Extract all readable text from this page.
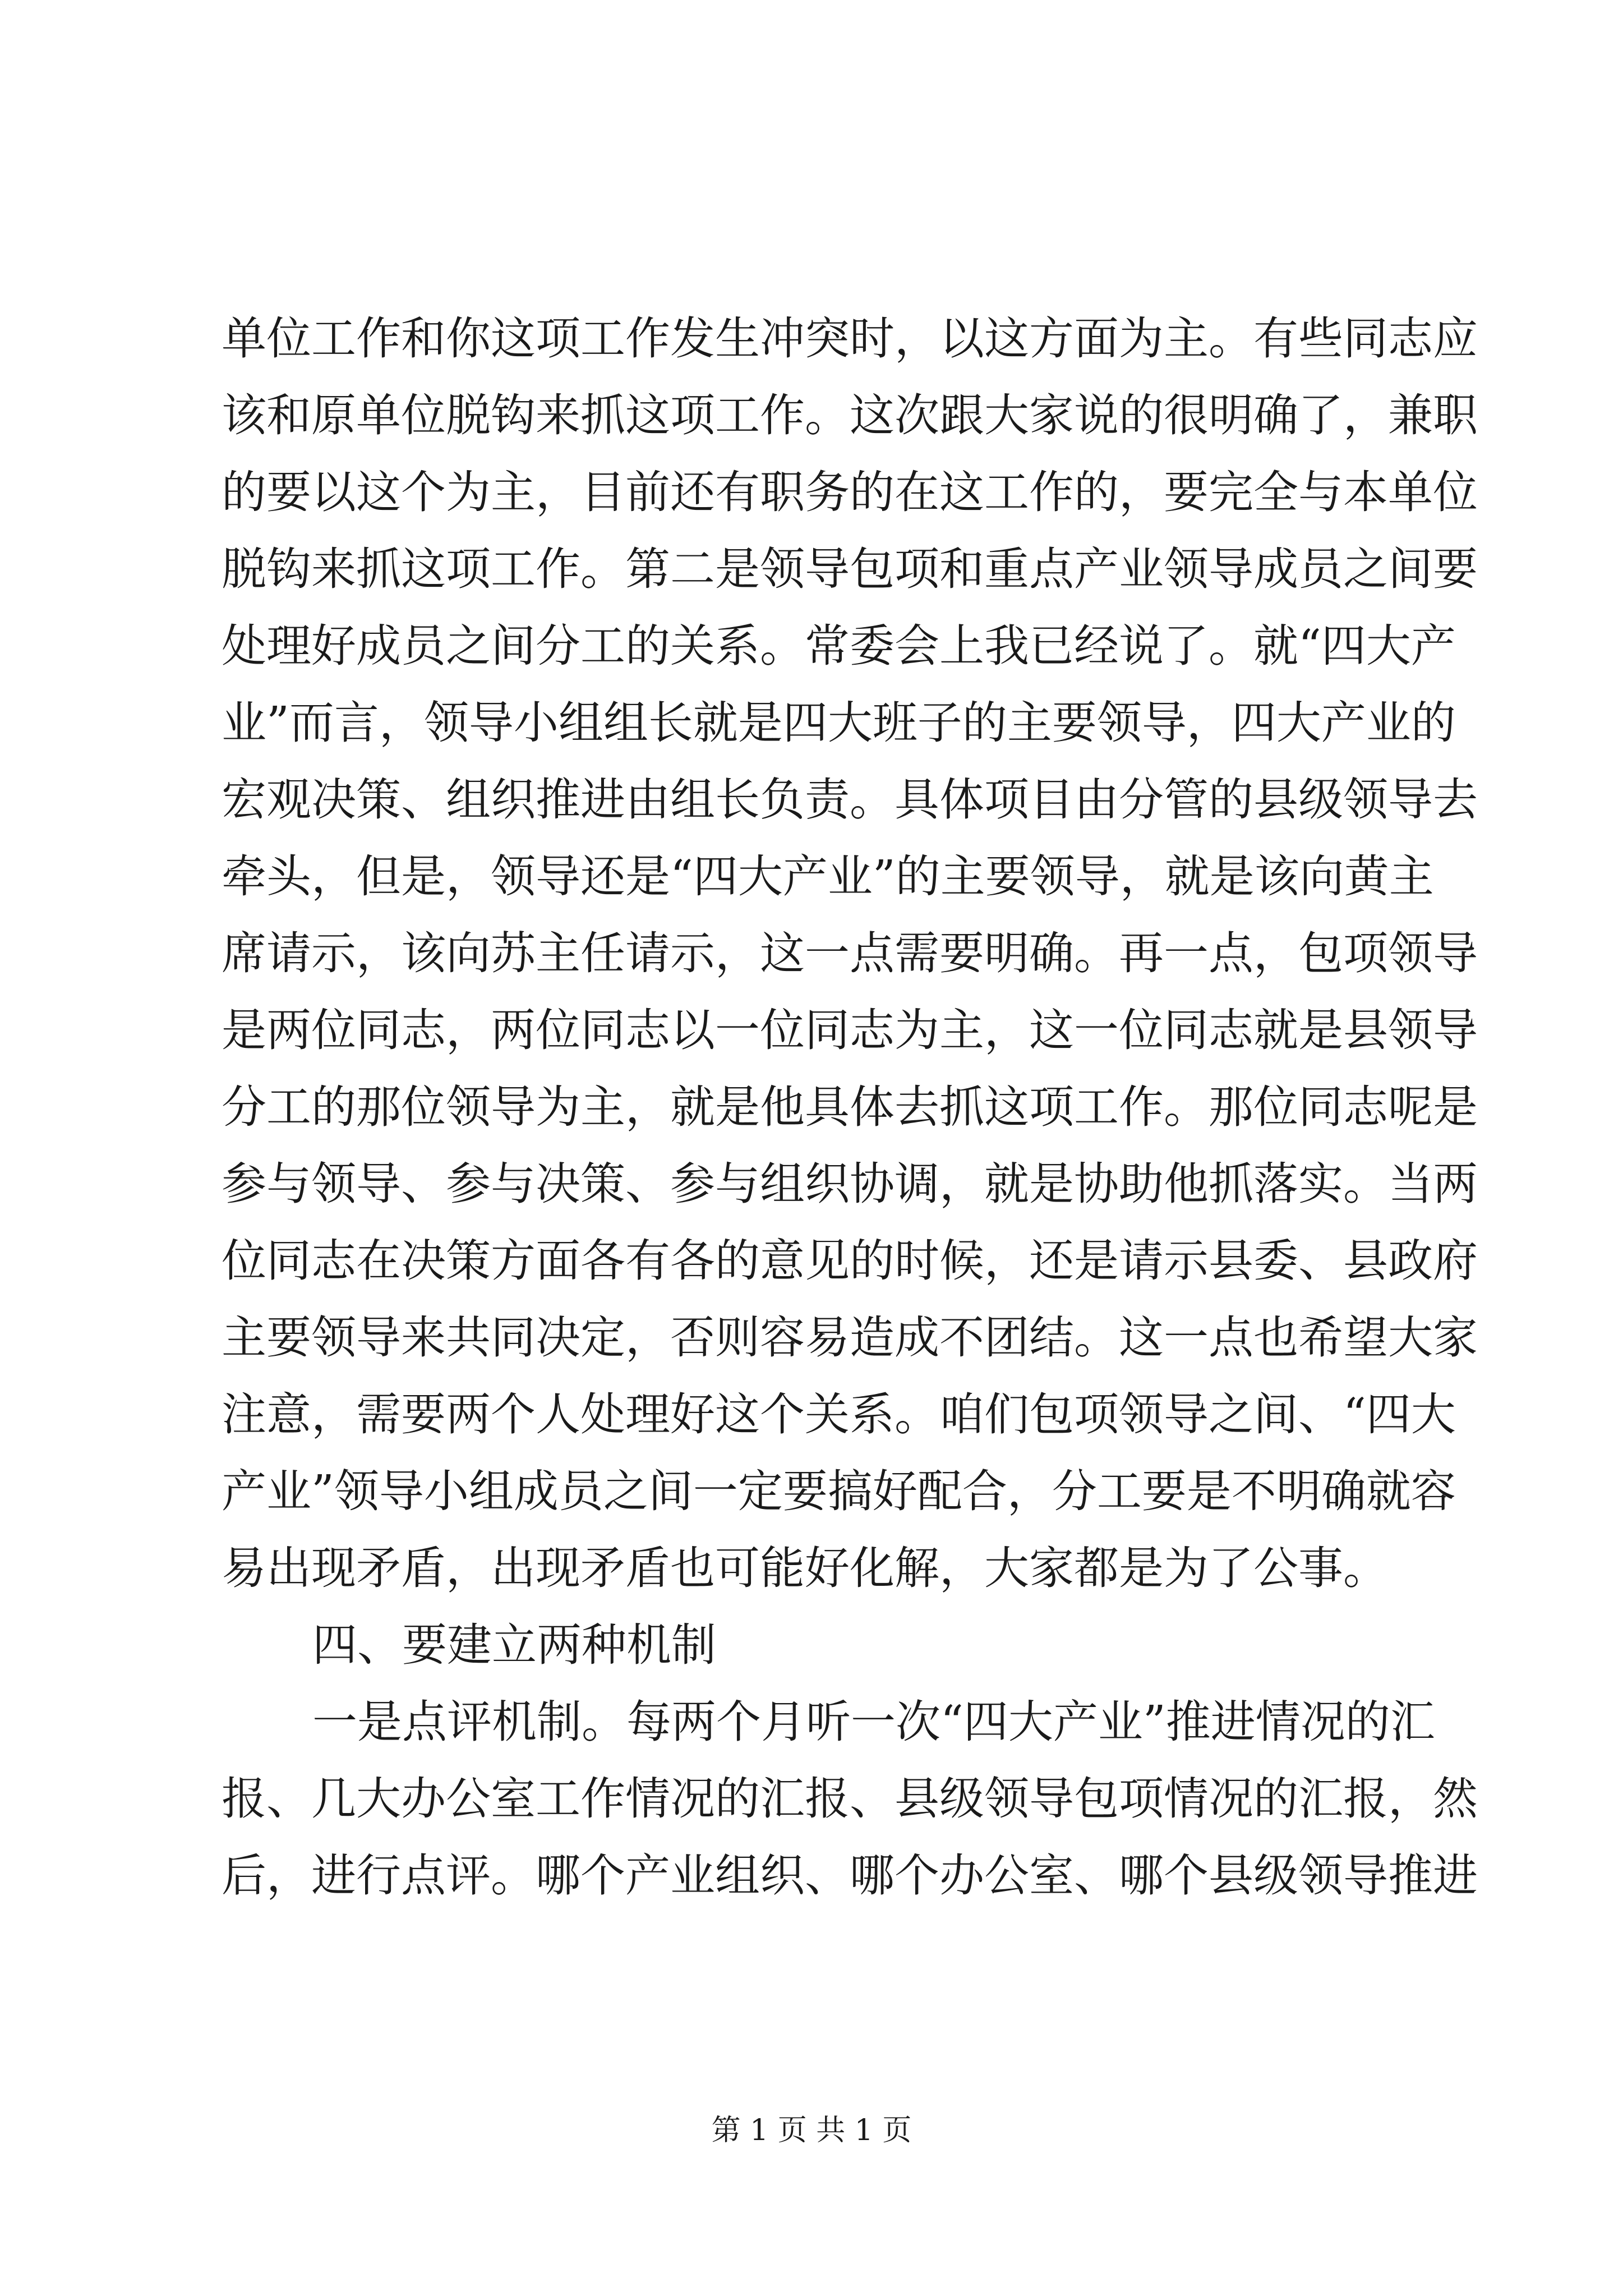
单位工作和你这项工作发生冲突时，以这方面为主。有些同志应
该和原单位脱钩来抓这项工作。这次跟大家说的很明确了，兼职
的要以这个为主，目前还有职务的在这工作的，要完全与本单位
脱钩来抓这项工作。第二是领导包项和重点产业领导成员之间要
处理好成员之间分工的关系。常委会上我已经说了。就“四大产
业”而言，领导小组组长就是四大班子的主要领导，四大产业的
宏观决策、组织推进由组长负责。具体项目由分管的县级领导去
牵头，但是，领导还是“四大产业”的主要领导，就是该向黄主
席请示，该向苏主任请示，这一点需要明确。再一点，包项领导
是两位同志，两位同志以一位同志为主，这一位同志就是县领导
分工的那位领导为主，就是他具体去抓这项工作。那位同志呢是
参与领导、参与决策、参与组织协调，就是协助他抓落实。当两
位同志在决策方面各有各的意见的时候，还是请示县委、县政府
主要领导来共同决定，否则容易造成不团结。这一点也希望大家
注意，需要两个人处理好这个关系。咱们包项领导之间、“四大
产业”领导小组成员之间一定要搞好配合，分工要是不明确就容
易出现矛盾，出现矛盾也可能好化解，大家都是为了公事。
四、要建立两种机制
一是点评机制。每两个月听一次“四大产业”推进情况的汇
报、几大办公室工作情况的汇报、县级领导包项情况的汇报，然
后，进行点评。哪个产业组织、哪个办公室、哪个县级领导推进
第 1 页 共 1 页
